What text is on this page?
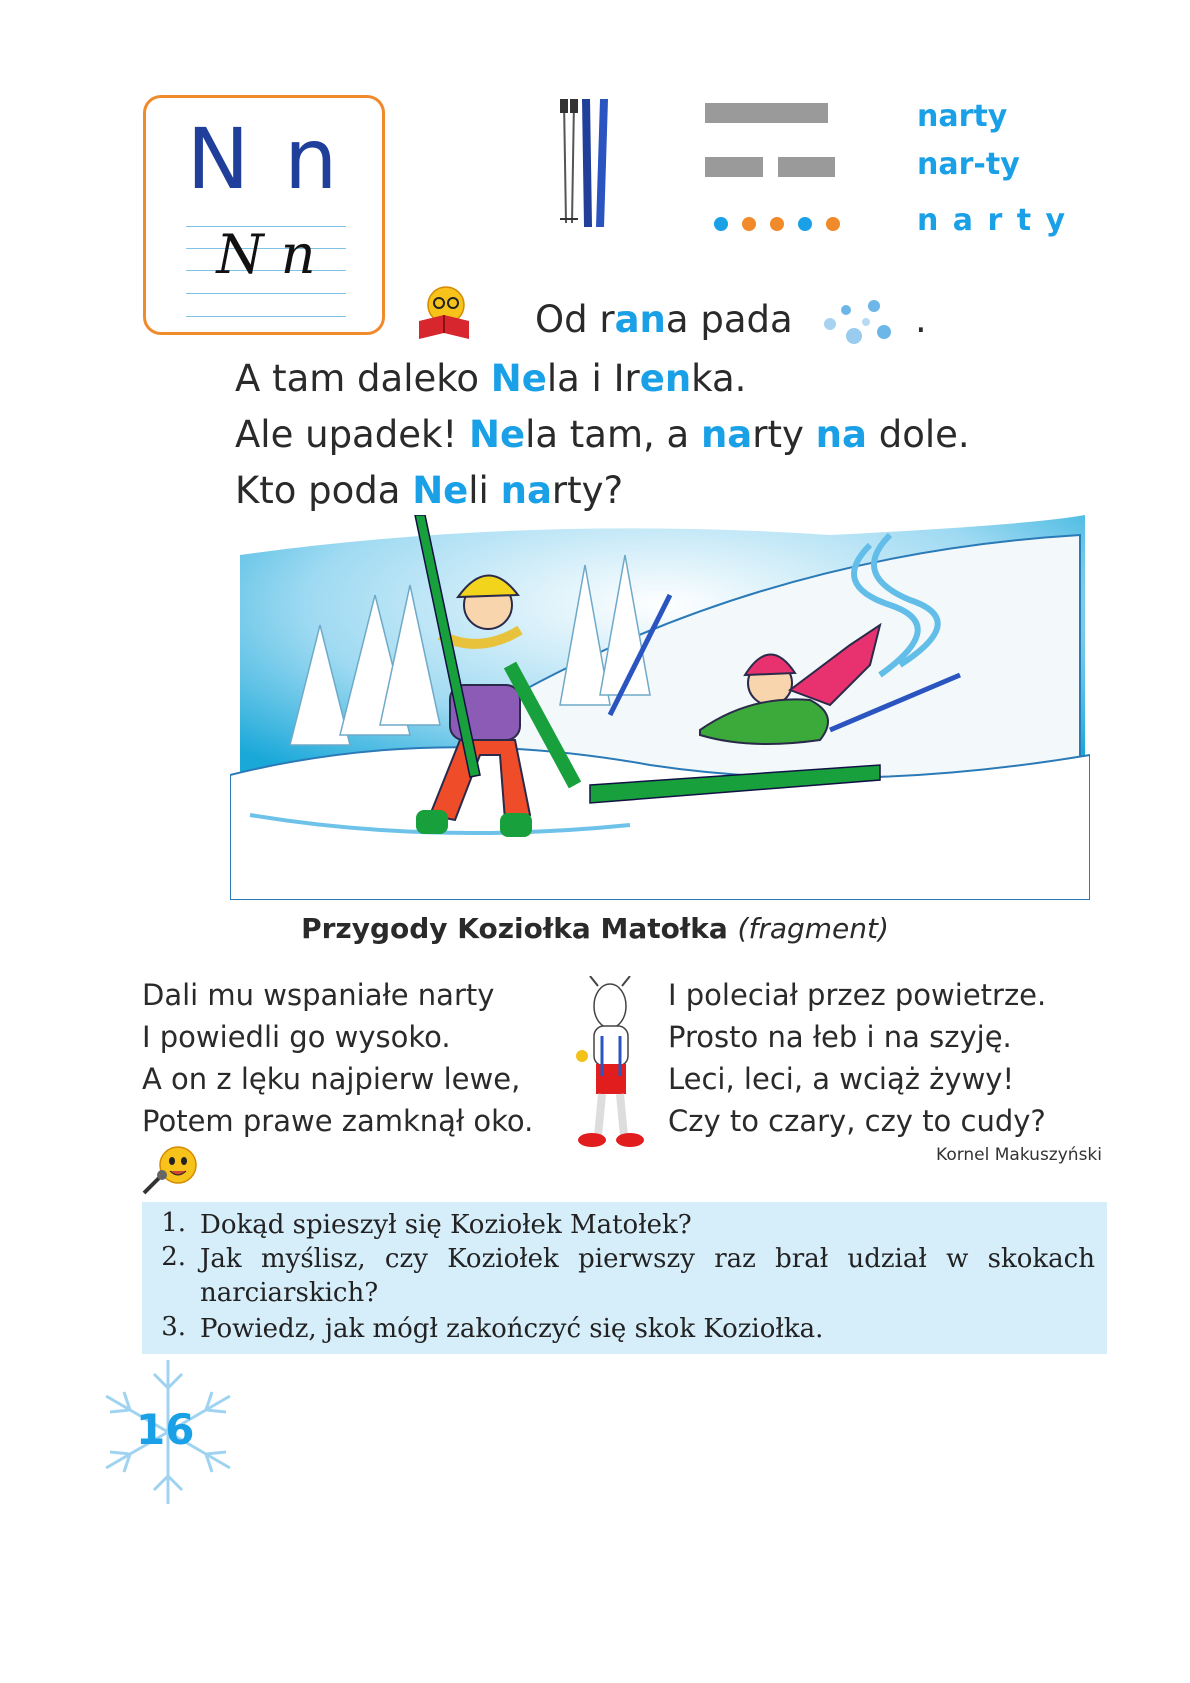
N n
N n
narty
nar-ty
n a r t y
Od rana pada	.
A tam daleko Nela i Irenka.
Ale upadek! Nela tam, a narty na dole.
Kto poda Neli narty?
Przygody Koziołka Matołka (fragment)
Dali mu wspaniałe narty
I powiedli go wysoko.
A on z lęku najpierw lewe,
Potem prawe zamknął oko.
I poleciał przez powietrze.
Prosto na łeb i na szyję.
Leci, leci, a wciąż żywy!
Czy to czary, czy to cudy?
Kornel Makuszyński
1. Dokąd spieszył się Koziołek Matołek?
2. Jak myślisz, czy Koziołek pierwszy raz brał udział w skokach narciarskich?
3. Powiedz, jak mógł zakończyć się skok Koziołka.
16
